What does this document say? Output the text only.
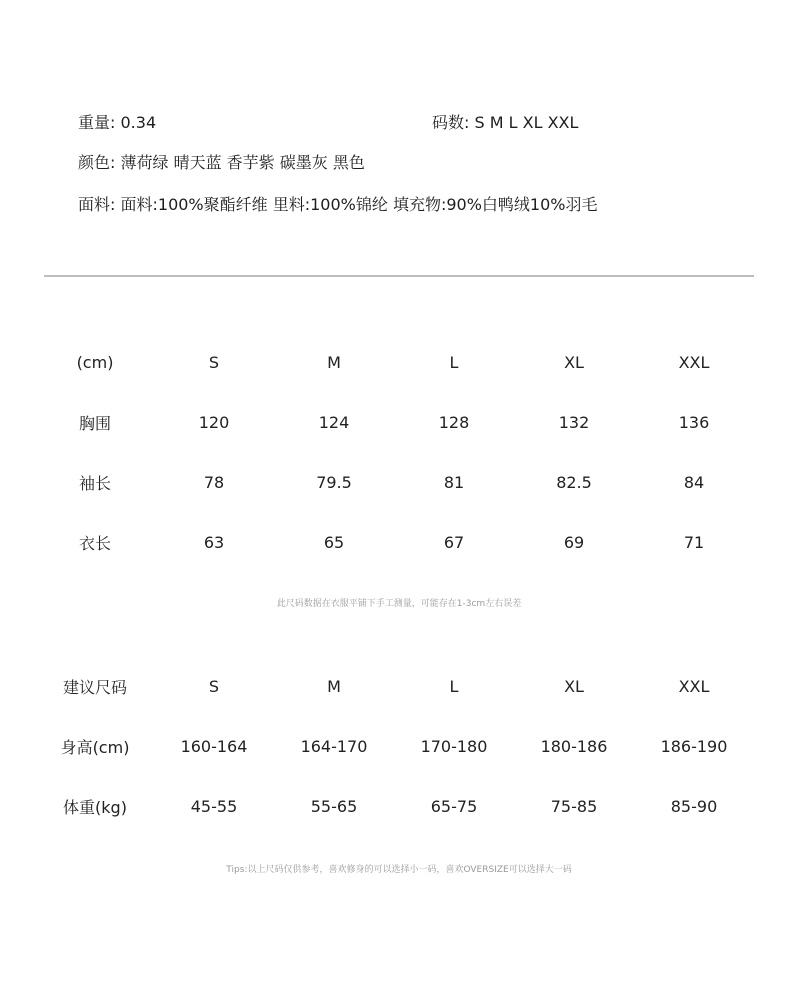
重量: 0.34	码数: S M L XL XXL
颜色: 薄荷绿 晴天蓝 香芋紫 碳墨灰 黑色
面料: 面料:100%聚酯纤维 里料:100%锦纶 填充物:90%白鸭绒10%羽毛
(cm)	S	M	L	XL	XXL
胸围	120	124	128	132	136
袖长	78	79.5	81	82.5	84
衣长	63	65	67	69	71
此尺码数据在衣服平铺下手工测量，可能存在1-3cm左右误差
建议尺码	S	M	L	XL	XXL
身高(cm)	160-164	164-170	170-180	180-186	186-190
体重(kg)	45-55	55-65	65-75	75-85	85-90
Tips:以上尺码仅供参考，喜欢修身的可以选择小一码，喜欢OVERSIZE可以选择大一码
